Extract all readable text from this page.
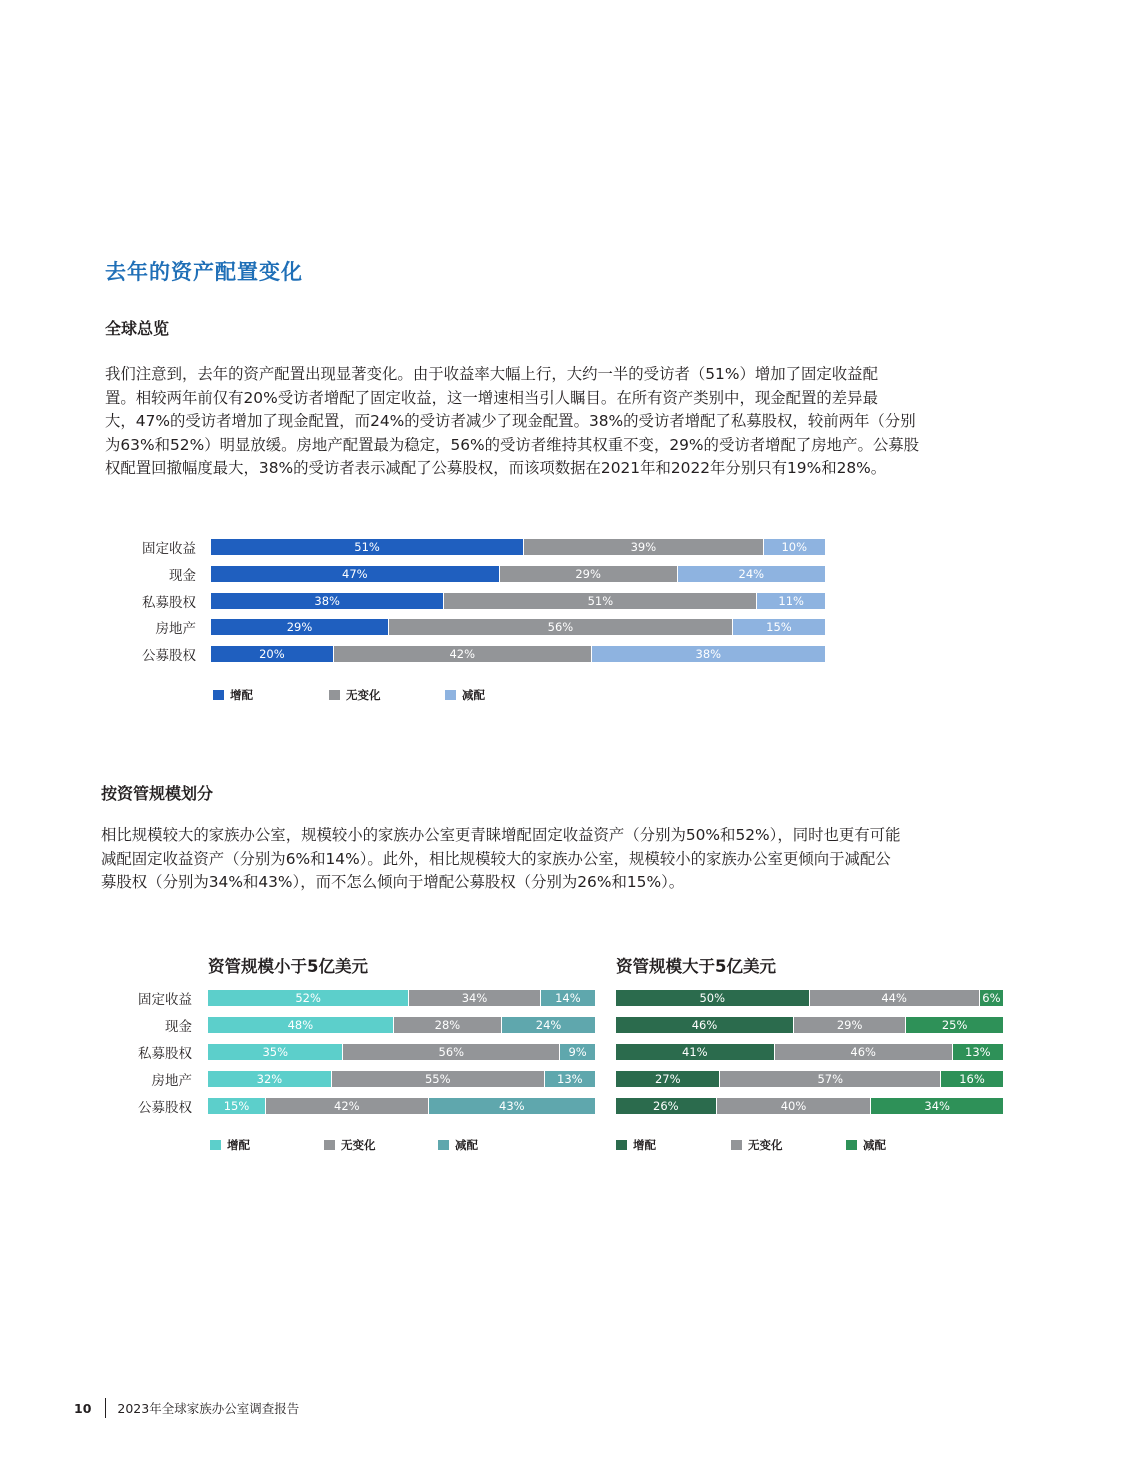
去年的资产配置变化
全球总览

我们注意到，去年的资产配置出现显著变化。由于收益率大幅上行，大约一半的受访者（51%）增加了固定收益配

置。相较两年前仅有20%受访者增配了固定收益，这一增速相当引人瞩目。在所有资产类别中，现金配置的差异最

大，47%的受访者增加了现金配置，而24%的受访者减少了现金配置。38%的受访者增配了私募股权，较前两年（分别

为63%和52%）明显放缓。房地产配置最为稳定，56%的受访者维持其权重不变，29%的受访者增配了房地产。公募股

权配置回撤幅度最大，38%的受访者表示减配了公募股权，而该项数据在2021年和2022年分别只有19%和28%。

固定收益	51%	39%	10%
现金	47%	29%	24%
私募股权	38%	51%	11%
房地产	29%	56%	15%
公募股权	20%	42%	38%
增配	无变化	减配
按资管规模划分

相比规模较大的家族办公室，规模较小的家族办公室更青睐增配固定收益资产（分别为50%和52%），同时也更有可能

减配固定收益资产（分别为6%和14%）。此外，相比规模较大的家族办公室，规模较小的家族办公室更倾向于减配公

募股权（分别为34%和43%），而不怎么倾向于增配公募股权（分别为26%和15%）。

资管规模小于5亿美元	资管规模大于5亿美元
固定收益	52%	34%	14%
现金	48%	28%	24%
私募股权	35%	56%	9%
房地产	32%	55%	13%
公募股权	15%	42%	43%
增配	无变化	减配
50%	44%	6%
46%	29%	25%
41%	46%	13%
27%	57%	16%
26%	40%	34%
增配	无变化	减配
10 2023年全球家族办公室调查报告
